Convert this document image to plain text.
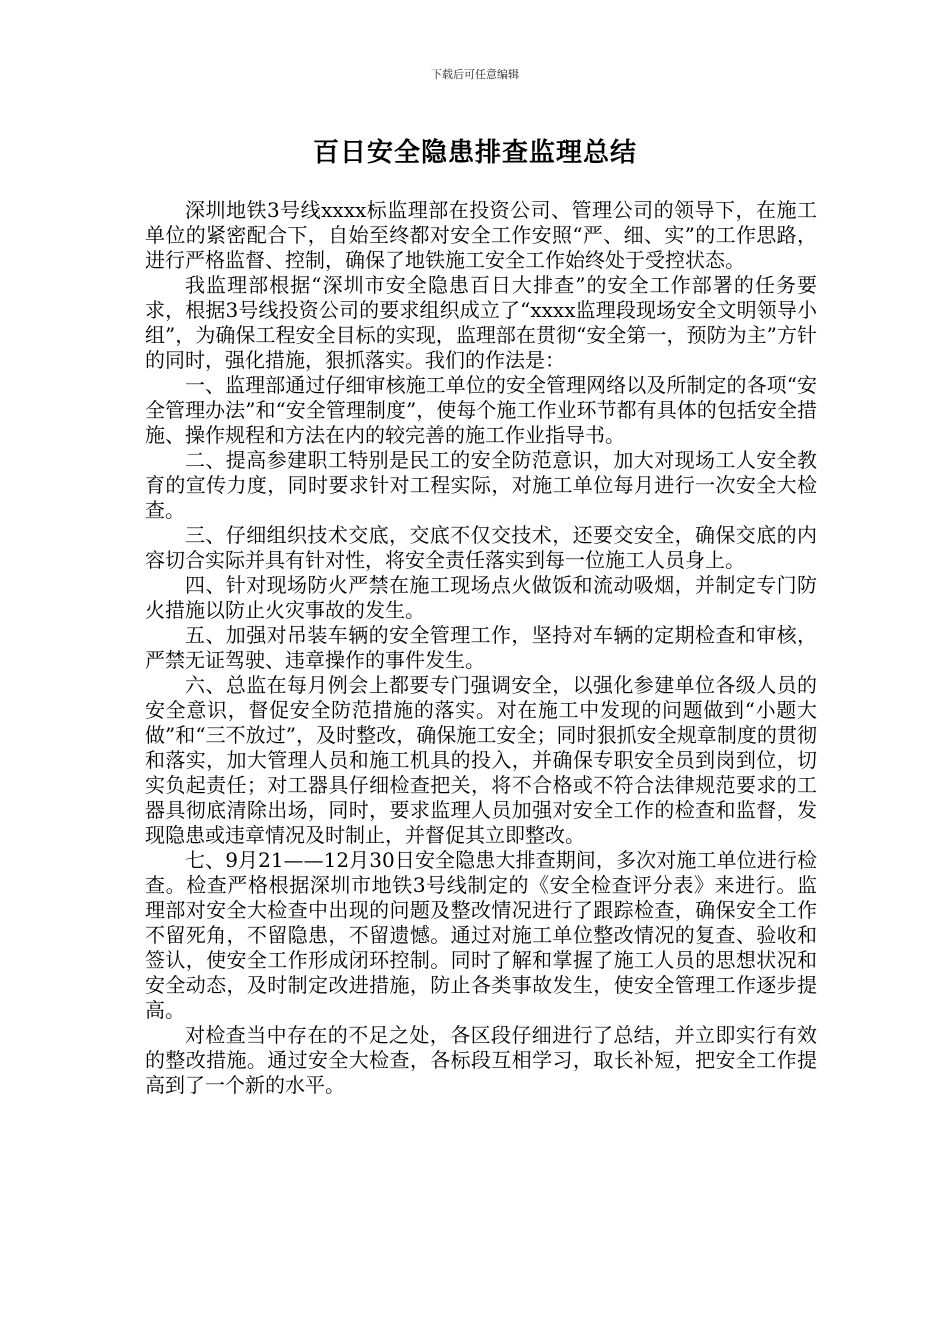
下载后可任意编辑
百日安全隐患排查监理总结

深圳地铁3号线xxxx标监理部在投资公司、管理公司的领导下，在施工单位的紧密配合下，自始至终都对安全工作安照“严、细、实”的工作思路，进行严格监督、控制，确保了地铁施工安全工作始终处于受控状态。

我监理部根据“深圳市安全隐患百日大排查”的安全工作部署的任务要求，根据3号线投资公司的要求组织成立了“xxxx监理段现场安全文明领导小组”，为确保工程安全目标的实现，监理部在贯彻“安全第一，预防为主”方针的同时，强化措施，狠抓落实。我们的作法是：

一、监理部通过仔细审核施工单位的安全管理网络以及所制定的各项“安全管理办法”和“安全管理制度”，使每个施工作业环节都有具体的包括安全措施、操作规程和方法在内的较完善的施工作业指导书。

二、提高参建职工特别是民工的安全防范意识，加大对现场工人安全教育的宣传力度，同时要求针对工程实际，对施工单位每月进行一次安全大检查。

三、仔细组织技术交底，交底不仅交技术，还要交安全，确保交底的内容切合实际并具有针对性，将安全责任落实到每一位施工人员身上。

四、针对现场防火严禁在施工现场点火做饭和流动吸烟，并制定专门防火措施以防止火灾事故的发生。

五、加强对吊装车辆的安全管理工作，坚持对车辆的定期检查和审核，严禁无证驾驶、违章操作的事件发生。

六、总监在每月例会上都要专门强调安全，以强化参建单位各级人员的安全意识，督促安全防范措施的落实。对在施工中发现的问题做到“小题大做”和“三不放过”，及时整改，确保施工安全；同时狠抓安全规章制度的贯彻和落实，加大管理人员和施工机具的投入，并确保专职安全员到岗到位，切实负起责任；对工器具仔细检查把关，将不合格或不符合法律规范要求的工器具彻底清除出场，同时，要求监理人员加强对安全工作的检查和监督，发现隐患或违章情况及时制止，并督促其立即整改。

七、9月21——12月30日安全隐患大排查期间，多次对施工单位进行检查。检查严格根据深圳市地铁3号线制定的《安全检查评分表》来进行。监理部对安全大检查中出现的问题及整改情况进行了跟踪检查，确保安全工作不留死角，不留隐患，不留遗憾。通过对施工单位整改情况的复查、验收和签认，使安全工作形成闭环控制。同时了解和掌握了施工人员的思想状况和安全动态，及时制定改进措施，防止各类事故发生，使安全管理工作逐步提高。

对检查当中存在的不足之处，各区段仔细进行了总结，并立即实行有效的整改措施。通过安全大检查，各标段互相学习，取长补短，把安全工作提高到了一个新的水平。
